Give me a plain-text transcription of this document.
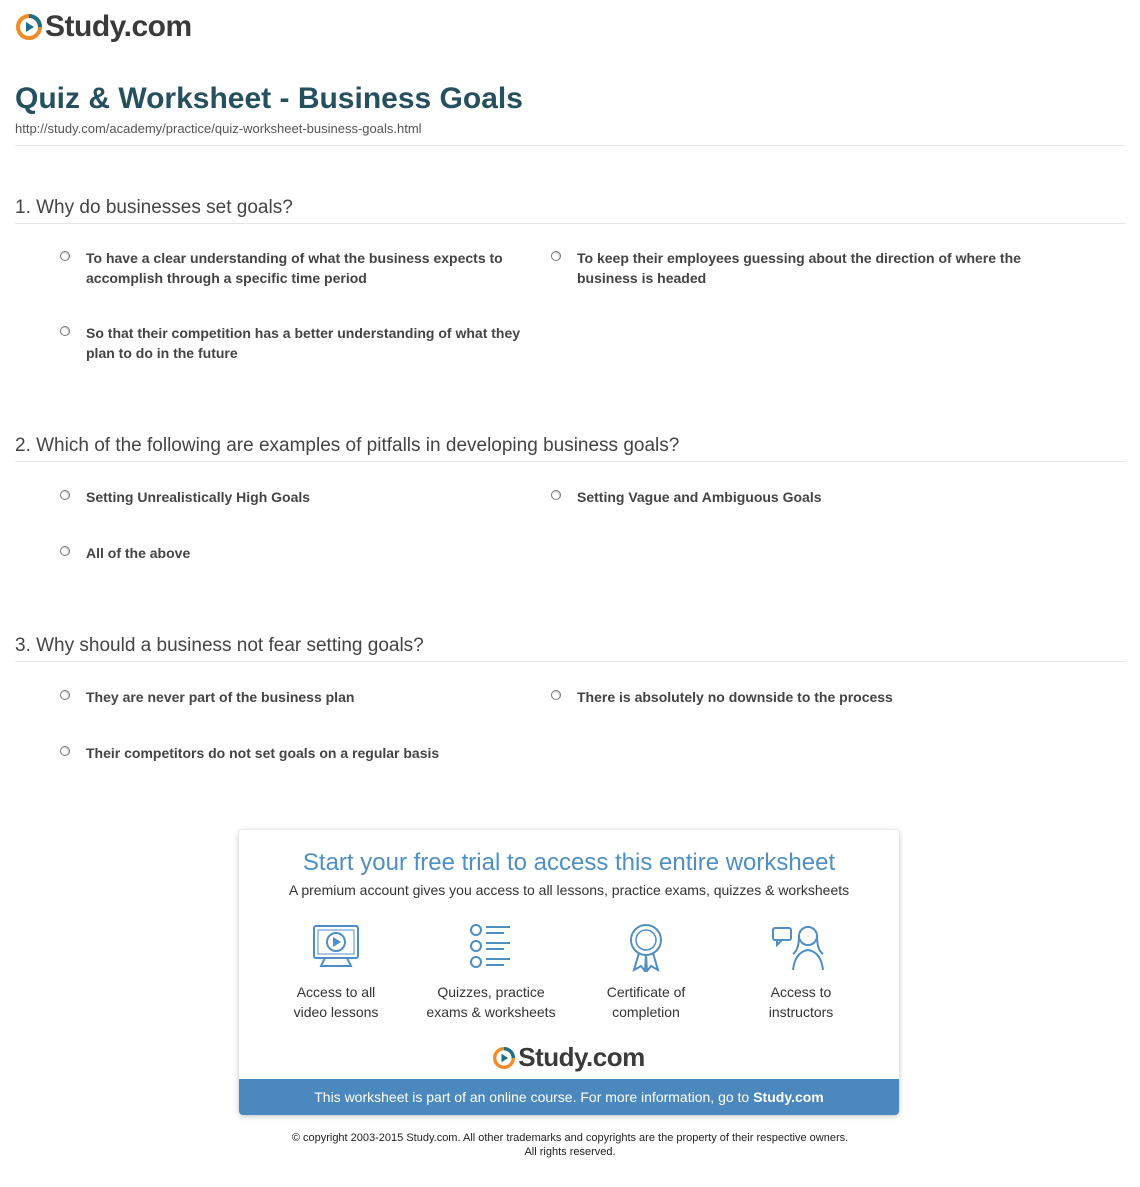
Study.com
Quiz & Worksheet - Business Goals
http://study.com/academy/practice/quiz-worksheet-business-goals.html
1. Why do businesses set goals?
To have a clear understanding of what the business expects to accomplish through a specific time period
To keep their employees guessing about the direction of where the business is headed
So that their competition has a better understanding of what they plan to do in the future
2. Which of the following are examples of pitfalls in developing business goals?
Setting Unrealistically High Goals	Setting Vague and Ambiguous Goals
All of the above
3. Why should a business not fear setting goals?
They are never part of the business plan	There is absolutely no downside to the process
Their competitors do not set goals on a regular basis
Start your free trial to access this entire worksheet
A premium account gives you access to all lessons, practice exams, quizzes & worksheets
Access to all
video lessons
Quizzes, practice
exams & worksheets
Certificate of
completion
Access to
instructors
Study.com
This worksheet is part of an online course. For more information, go to Study.com
© copyright 2003-2015 Study.com. All other trademarks and copyrights are the property of their respective owners.
All rights reserved.
